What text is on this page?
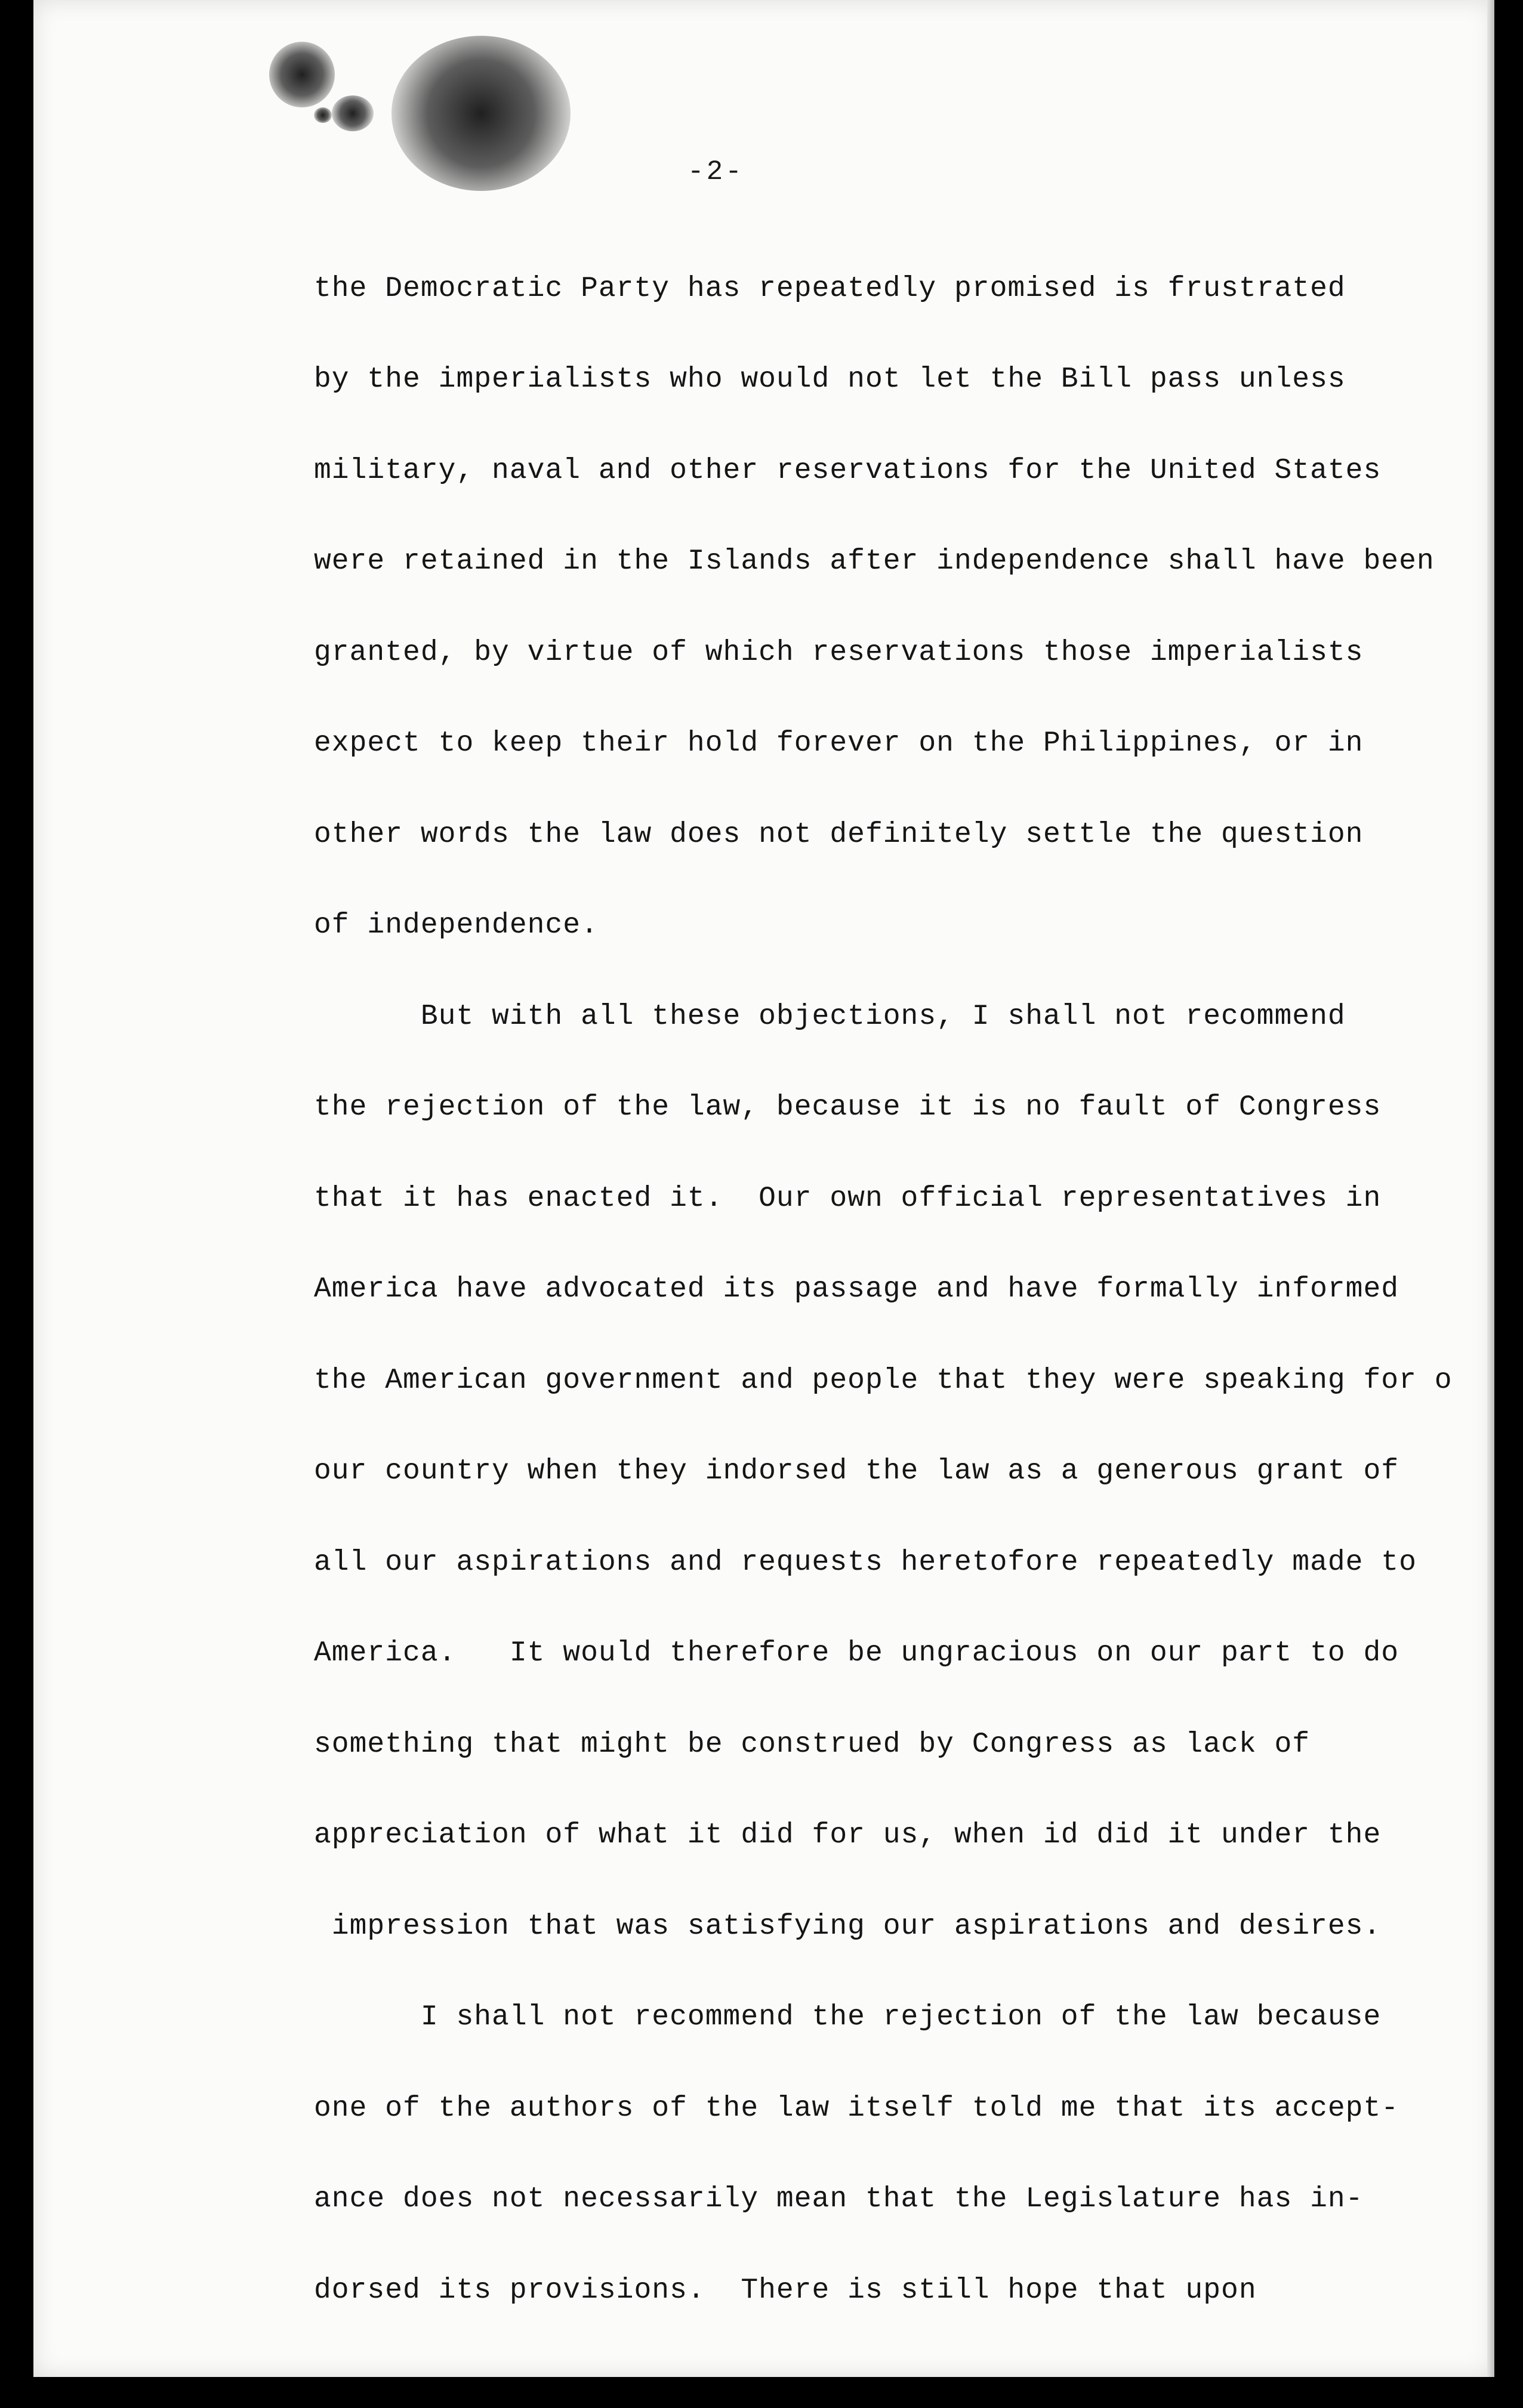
-2-
the Democratic Party has repeatedly promised is frustrated
by the imperialists who would not let the Bill pass unless
military, naval and other reservations for the United States
were retained in the Islands after independence shall have been
granted, by virtue of which reservations those imperialists
expect to keep their hold forever on the Philippines, or in
other words the law does not definitely settle the question
of independence.
But with all these objections, I shall not recommend
the rejection of the law, because it is no fault of Congress
that it has enacted it.  Our own official representatives in
America have advocated its passage and have formally informed
the American government and people that they were speaking for o
our country when they indorsed the law as a generous grant of
all our aspirations and requests heretofore repeatedly made to
America.   It would therefore be ungracious on our part to do
something that might be construed by Congress as lack of
appreciation of what it did for us, when id did it under the
impression that was satisfying our aspirations and desires.
I shall not recommend the rejection of the law because
one of the authors of the law itself told me that its accept-
ance does not necessarily mean that the Legislature has in-
dorsed its provisions.  There is still hope that upon
